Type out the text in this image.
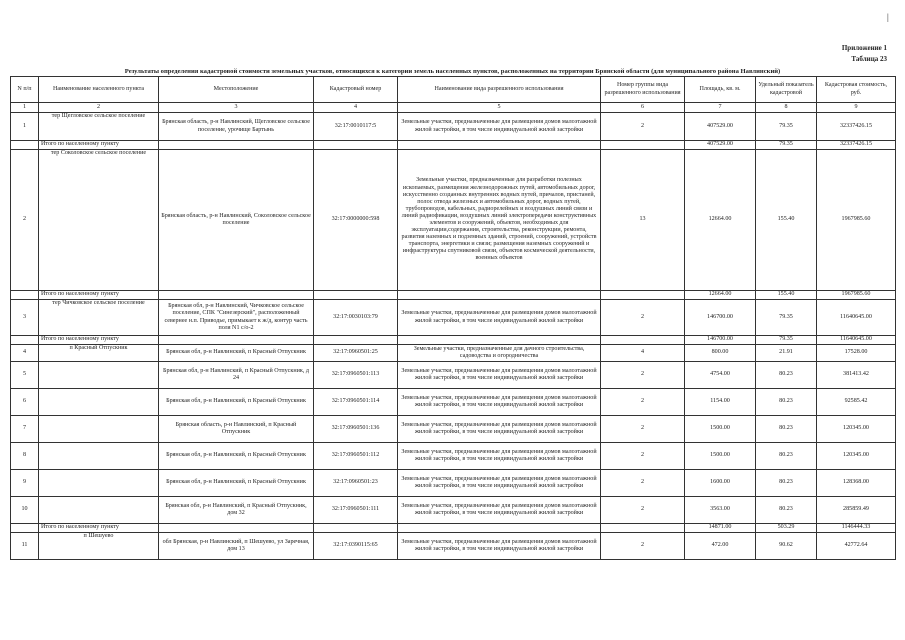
|
Приложение 1
Таблица 23
Результаты определения кадастровой стоимости земельных участков, относящихся к категории земель населенных пунктов, расположенных на территории Брянской области (для муниципального района Навлинский)
N п/п	Наименование населенного пункта	Местоположение	Кадастровый номер	Наименование вида разрешенного использования	Номер группы вида разрешенного использования	Площадь, кв. м.	Удельный показатель кадастровой	Кадастровая стоимость, руб.
1	2	3	4	5	6	7	8	9
1	тер Щегловское сельское поселение	Брянская область, р-н Навлинский, Щегловское сельское поселение, урочище Бартынь	32:17:0010117:5	Земельные участки, предназначенные для размещения домов малоэтажной жилой застройки, в том числе индивидуальной жилой застройки	2	407529.00	79.35	32337426.15
	Итого по населенному пункту					407529.00	79.35	32337426.15
2	тер Соколовское сельское поселение	Брянская область, р-н Навлинский, Соколовское сельское поселение	32:17:0000000:598	Земельные участки, предназначенные для разработки полезных ископаемых, размещения железнодорожных путей, автомобильных дорог, искусственно созданных внутренних водных путей, причалов, пристаней, полос отвода железных и автомобильных дорог, водных путей, трубопроводов, кабельных, радиорелейных и воздушных линий связи и линий радиофикации, воздушных линий электропередачи конструктивных элементов и сооружений, объектов, необходимых для эксплуатации,содержания, строительства, реконструкции, ремонта, развития наземных и подземных зданий, строений, сооружений, устройств транспорта, энергетики и связи; размещения наземных сооружений и инфраструктуры спутниковой связи, объектов космической деятельности, военных объектов	13	12664.00	155.40	1967985.60
	Итого по населенному пункту					12664.00	155.40	1967985.60
3	тер Чичковское сельское поселение	Брянская обл, р-н Навлинский, Чичковское сельское поселение, СПК "Синезерский", расположенный севернее н.п. Приводье, примыкает к ж/д, контур часть поля N1 с/о-2	32:17:0030103:79	Земельные участки, предназначенные для размещения домов малоэтажной жилой застройки, в том числе индивидуальной жилой застройки	2	146700.00	79.35	11640645.00
	Итого по населенному пункту					146700.00	79.35	11640645.00
4	п Красный Отпускник	Брянская обл, р-н Навлинский, п Красный Отпускник	32:17:0960501:25	Земельные участки, предназначенные для дачного строительства, садоводства и огородничества	4	800.00	21.91	17528.00
5		Брянская обл, р-н Навлинский, п Красный Отпускник, д 24	32:17:0960501:113	Земельные участки, предназначенные для размещения домов малоэтажной жилой застройки, в том числе индивидуальной жилой застройки	2	4754.00	80.23	381413.42
6		Брянская обл, р-н Навлинский, п Красный Отпускник	32:17:0960501:114	Земельные участки, предназначенные для размещения домов малоэтажной жилой застройки, в том числе индивидуальной жилой застройки	2	1154.00	80.23	92585.42
7		Брянская область, р-н Навлинский, п Красный Отпускник	32:17:0960501:136	Земельные участки, предназначенные для размещения домов малоэтажной жилой застройки, в том числе индивидуальной жилой застройки	2	1500.00	80.23	120345.00
8		Брянская обл, р-н Навлинский, п Красный Отпускник	32:17:0960501:112	Земельные участки, предназначенные для размещения домов малоэтажной жилой застройки, в том числе индивидуальной жилой застройки	2	1500.00	80.23	120345.00
9		Брянская обл, р-н Навлинский, п Красный Отпускник	32:17:0960501:23	Земельные участки, предназначенные для размещения домов малоэтажной жилой застройки, в том числе индивидуальной жилой застройки	2	1600.00	80.23	128368.00
10		Брянская обл, р-н Навлинский, п Красный Отпускник, дом 32	32:17:0960501:111	Земельные участки, предназначенные для размещения домов малоэтажной жилой застройки, в том числе индивидуальной жилой застройки	2	3563.00	80.23	285859.49
	Итого по населенному пункту					14871.00	503.29	1146444.33
11	п Шешуево	обл Брянская, р-н Навлинский, п Шешуево, ул Заречная, дом 13	32:17:0390115:65	Земельные участки, предназначенные для размещения домов малоэтажной жилой застройки, в том числе индивидуальной жилой застройки	2	472.00	90.62	42772.64
